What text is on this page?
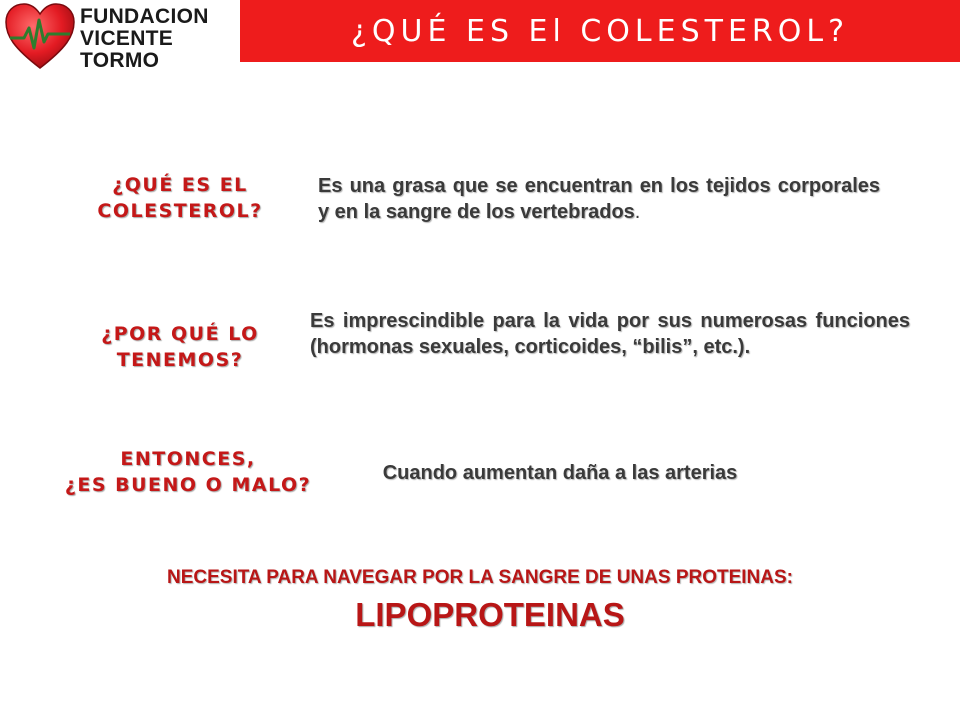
FUNDACION
VICENTE TORMO
¿QUÉ ES El COLESTEROL?
¿QUÉ ES EL
COLESTEROL?
Es una grasa que se encuentran en los tejidos corporales y en la sangre de los vertebrados.
¿POR QUÉ LO
TENEMOS?
Es imprescindible para la vida por sus numerosas funciones (hormonas sexuales, corticoides, “bilis”, etc.).
ENTONCES,
¿ES BUENO O MALO?
Cuando aumentan daña a las arterias
NECESITA PARA NAVEGAR POR LA SANGRE DE UNAS PROTEINAS:
LIPOPROTEINAS
